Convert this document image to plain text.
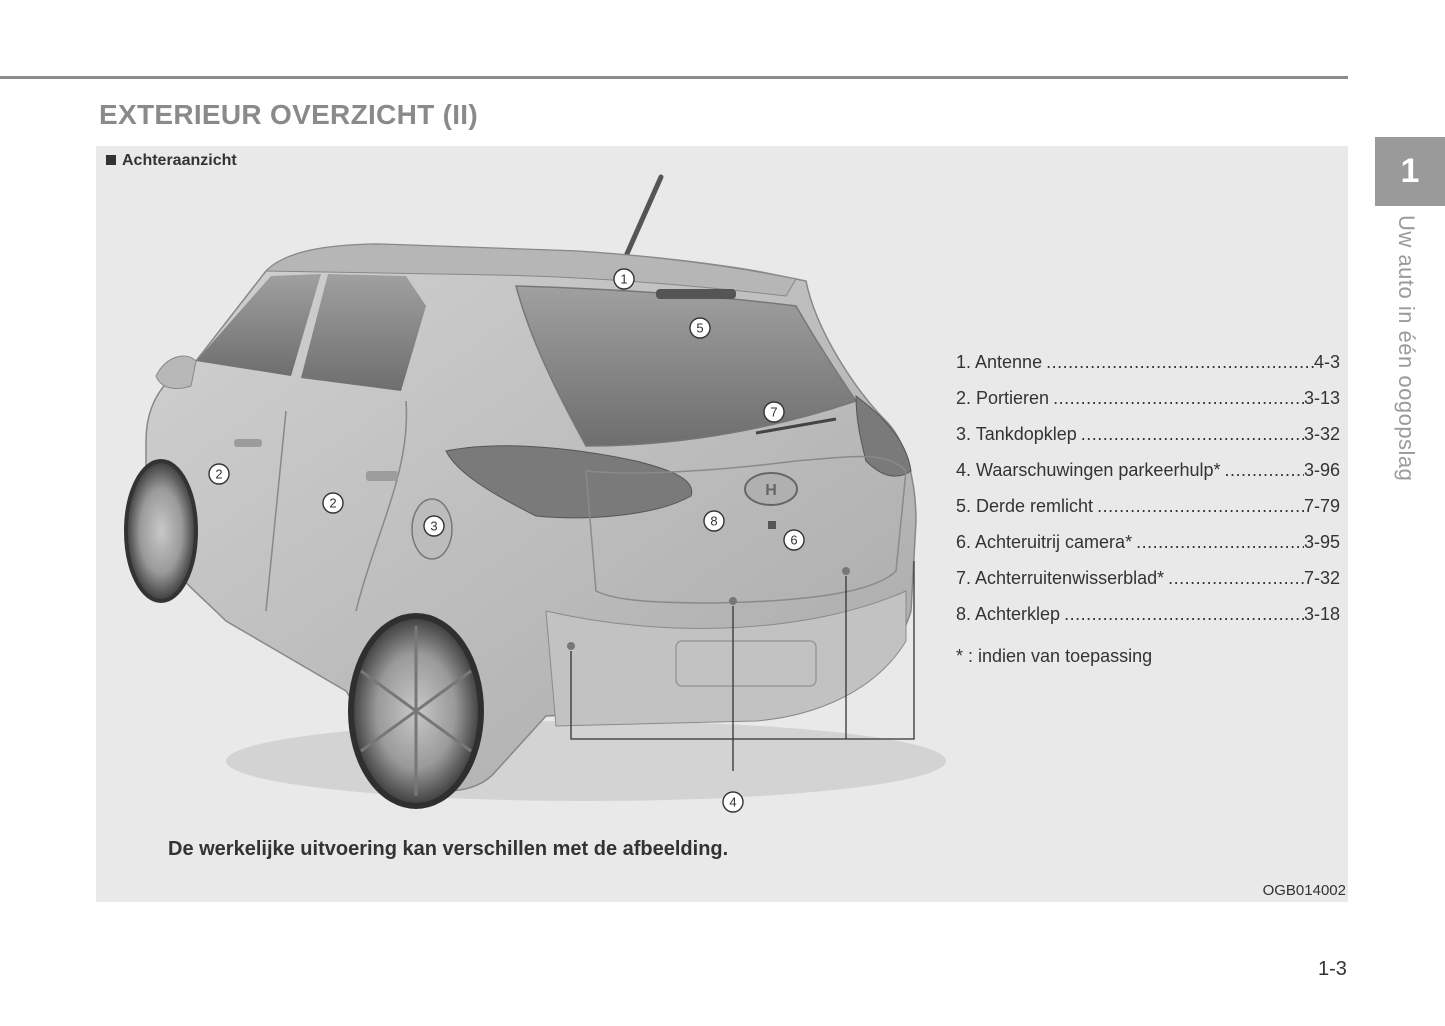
EXTERIEUR OVERZICHT (II)
1
Uw auto in één oogopslag
Achteraanzicht
H
1
2
2
3
4
5
6
7
8
1. Antenne .....	4-3
2. Portieren .....	3-13
3. Tankdopklep .....	3-32
4. Waarschuwingen parkeerhulp* .....	3-96
5. Derde remlicht .....	7-79
6. Achteruitrij camera* .....	3-95
7. Achterruitenwisserblad* .....	7-32
8. Achterklep .....	3-18
* : indien van toepassing
De werkelijke uitvoering kan verschillen met de afbeelding.
OGB014002
1-3
